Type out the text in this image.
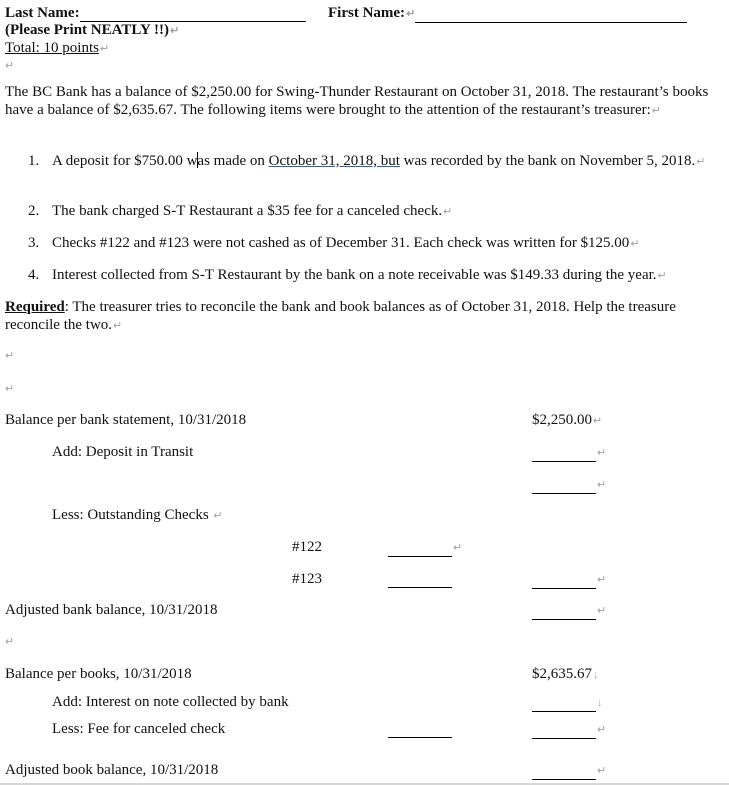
Last Name:	First Name:↵
(Please Print NEATLY !!)↵
Total: 10 points↵
↵
The BC Bank has a balance of $2,250.00 for Swing-Thunder Restaurant on October 31, 2018. The restaurant’s books have a balance of $2,635.67. The following items were brought to the attention of the restaurant’s treasurer:↵
1. A deposit for $750.00 was made on October 31, 2018, but was recorded by the bank on November 5, 2018.↵
2. The bank charged S-T Restaurant a $35 fee for a canceled check.↵
3. Checks #122 and #123 were not cashed as of December 31. Each check was written for $125.00↵
4. Interest collected from S-T Restaurant by the bank on a note receivable was $149.33 during the year.↵
Required: The treasurer tries to reconcile the bank and book balances as of October 31, 2018. Help the treasure reconcile the two.↵
↵
↵
Balance per bank statement, 10/31/2018	$2,250.00↵
Add: Deposit in Transit	↵
↵
Less: Outstanding Checks ↵
#122	↵
#123	↵
Adjusted bank balance, 10/31/2018	↵
↵
Balance per books, 10/31/2018	$2,635.67↓
Add: Interest on note collected by bank	↓
Less: Fee for canceled check	↵
Adjusted book balance, 10/31/2018	↵
